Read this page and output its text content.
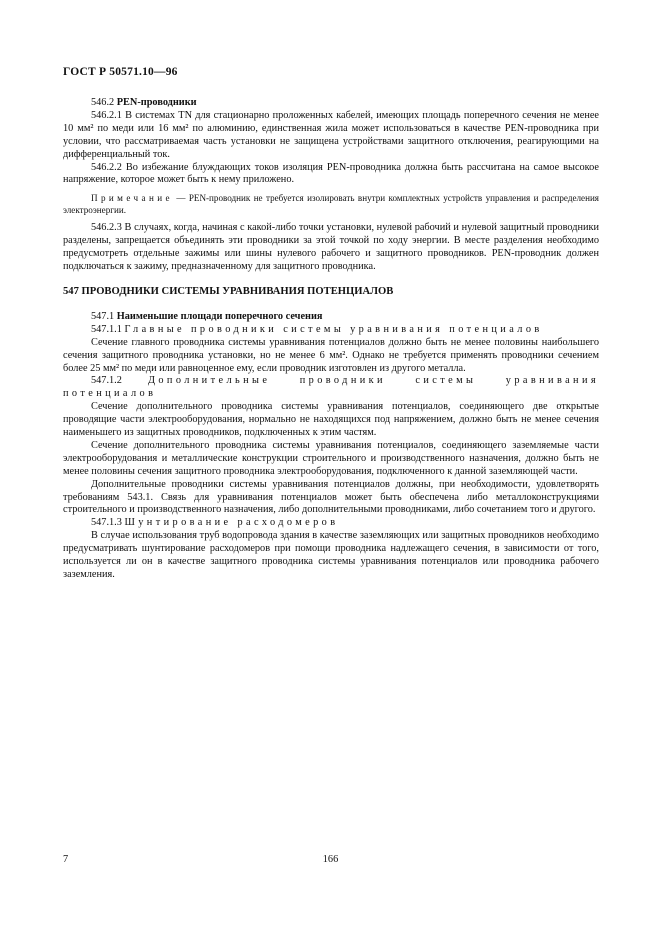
ГОСТ Р 50571.10—96

546.2 PEN-проводники

546.2.1 В системах TN для стационарно проложенных кабелей, имеющих площадь поперечного сечения не менее 10 мм² по меди или 16 мм² по алюминию, единственная жила может использоваться в качестве PEN-проводника при условии, что рассматриваемая часть установки не защищена устройствами защитного отключения, реагирующими на дифференциальный ток.

546.2.2 Во избежание блуждающих токов изоляция PEN-проводника должна быть рассчитана на самое высокое напряжение, которое может быть к нему приложено.

Примечание — PEN-проводник не требуется изолировать внутри комплектных устройств управления и распределения электроэнергии.

546.2.3 В случаях, когда, начиная с какой-либо точки установки, нулевой рабочий и нулевой защитный проводники разделены, запрещается объединять эти проводники за этой точкой по ходу энергии. В месте разделения необходимо предусмотреть отдельные зажимы или шины нулевого рабочего и защитного проводников. PEN-проводник должен подключаться к зажиму, предназначенному для защитного проводника.

547 ПРОВОДНИКИ СИСТЕМЫ УРАВНИВАНИЯ ПОТЕНЦИАЛОВ

547.1 Наименьшие площади поперечного сечения

547.1.1 Главные проводники системы уравнивания потенциалов

Сечение главного проводника системы уравнивания потенциалов должно быть не менее половины наибольшего сечения защитного проводника установки, но не менее 6 мм². Однако не требуется применять проводники сечением более 25 мм² по меди или равноценное ему, если проводник изготовлен из другого металла.

547.1.2	Дополнительные проводники системы уравнивания потенциалов

Сечение дополнительного проводника системы уравнивания потенциалов, соединяющего две открытые проводящие части электрооборудования, нормально не находящихся под напряжением, должно быть не менее сечения наименьшего из защитных проводников, подключенных к этим частям.

Сечение дополнительного проводника системы уравнивания потенциалов, соединяющего заземляемые части электрооборудования и металлические конструкции строительного и производственного назначения, должно быть не менее половины сечения защитного проводника электрооборудования, подключенного к данной заземляющей части.

Дополнительные проводники системы уравнивания потенциалов должны, при необходимости, удовлетворять требованиям 543.1. Связь для уравнивания потенциалов может быть обеспечена либо металлоконструкциями строительного и производственного назначения, либо дополнительными проводниками, либо сочетанием того и другого.

547.1.3 Шунтирование расходомеров

В случае использования труб водопровода здания в качестве заземляющих или защитных проводников необходимо предусматривать шунтирование расходомеров при помощи проводника надлежащего сечения, в зависимости от того, используется ли он в качестве защитного проводника системы уравнивания потенциалов или проводника рабочего заземления.

7	166
